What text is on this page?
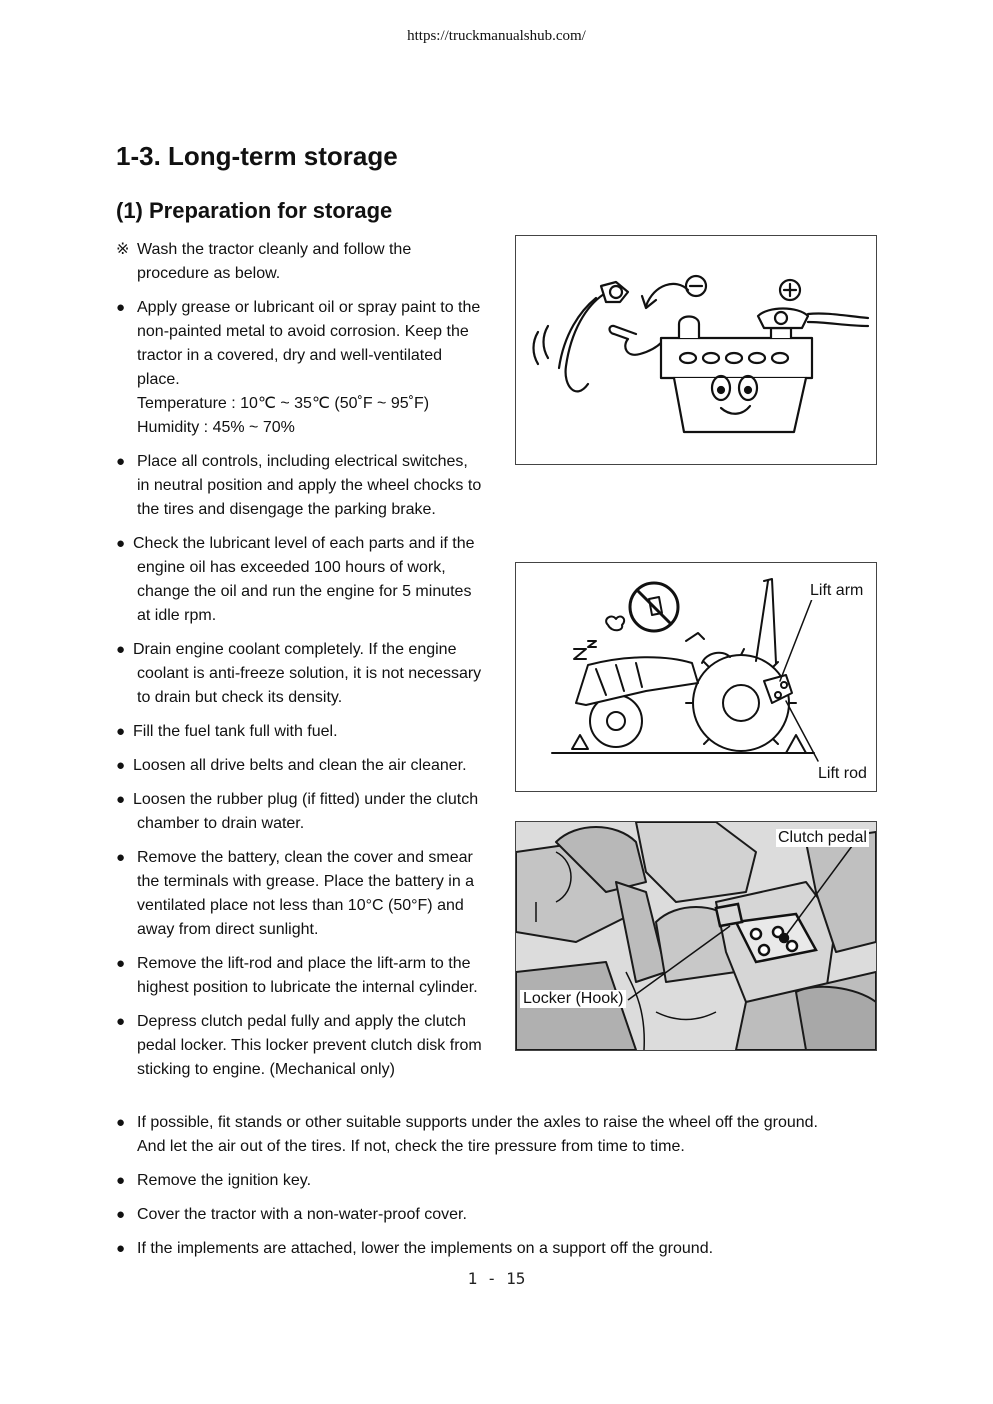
https://truckmanualshub.com/
1-3. Long-term storage
(1) Preparation for storage

※ Wash the tractor cleanly and follow the
procedure as below.

● Apply grease or lubricant oil or spray paint to the
non-painted metal to avoid corrosion. Keep the
tractor in a covered, dry and well-ventilated
place.
Temperature : 10℃ ~ 35℃ (50˚F ~ 95˚F)
Humidity : 45% ~ 70%

● Place all controls, including electrical switches,
in neutral position and apply the wheel chocks to
the tires and disengage the parking brake.

● Check the lubricant level of each parts and if the
engine oil has exceeded 100 hours of work,
change the oil and run the engine for 5 minutes
at idle rpm.

● Drain engine coolant completely. If the engine
coolant is anti-freeze solution, it is not necessary
to drain but check its density.

● Fill the fuel tank full with fuel.

● Loosen all drive belts and clean the air cleaner.

● Loosen the rubber plug (if fitted) under the clutch
chamber to drain water.

● Remove the battery, clean the cover and smear
the terminals with grease. Place the battery in a
ventilated place not less than 10°C (50°F) and
away from direct sunlight.

● Remove the lift-rod and place the lift-arm to the
highest position to lubricate the internal cylinder.

● Depress clutch pedal fully and apply the clutch
pedal locker. This locker prevent clutch disk from
sticking to engine. (Mechanical only)

Lift arm
Lift rod
Clutch pedal
Locker (Hook)

● If possible, fit stands or other suitable supports under the axles to raise the wheel off the ground.
And let the air out of the tires. If not, check the tire pressure from time to time.

● Remove the ignition key.

● Cover the tractor with a non-water-proof cover.

● If the implements are attached, lower the implements on a support off the ground.

1 - 15
